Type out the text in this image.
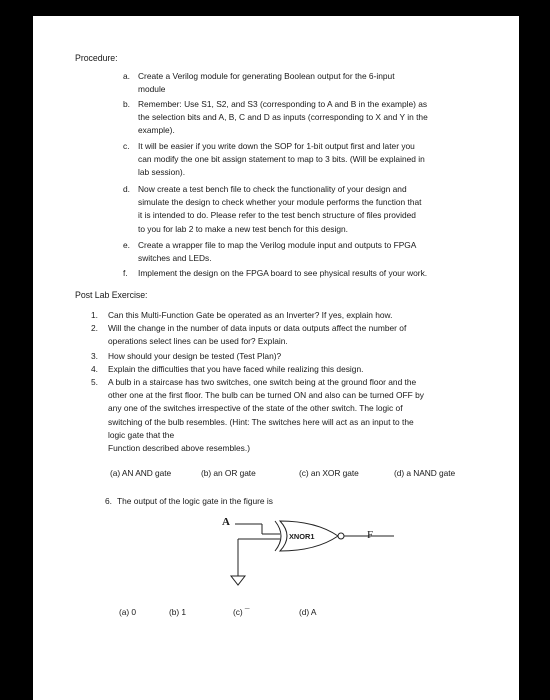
Procedure:
a. Create a Verilog module for generating Boolean output for the 6-input
module
b. Remember: Use S1, S2, and S3 (corresponding to A and B in the example) as
the selection bits and A, B, C and D as inputs (corresponding to X and Y in the
example).
c. It will be easier if you write down the SOP for 1-bit output first and later you
can modify the one bit assign statement to map to 3 bits. (Will be explained in
lab session).
d. Now create a test bench file to check the functionality of your design and
simulate the design to check whether your module performs the function that
it is intended to do. Please refer to the test bench structure of files provided
to you for lab 2 to make a new test bench for this design.
e. Create a wrapper file to map the Verilog module input and outputs to FPGA
switches and LEDs.
f. Implement the design on the FPGA board to see physical results of your work.
Post Lab Exercise:
1. Can this Multi-Function Gate be operated as an Inverter? If yes, explain how.
2. Will the change in the number of data inputs or data outputs affect the number of
operations select lines can be used for? Explain.
3. How should your design be tested (Test Plan)?
4. Explain the difficulties that you have faced while realizing this design.
5. A bulb in a staircase has two switches, one switch being at the ground floor and the
other one at the first floor. The bulb can be turned ON and also can be turned OFF by
any one of the switches irrespective of the state of the other switch. The logic of
switching of the bulb resembles. (Hint: The switches here will act as an input to the
logic gate that the
Function described above resembles.)
(a) AN AND gate	(b) an OR gate	(c) an XOR gate	(d) a NAND gate
6. The output of the logic gate in the figure is
A
XNOR1	F
(a) 0	(b) 1	(c) ¯	(d) A
